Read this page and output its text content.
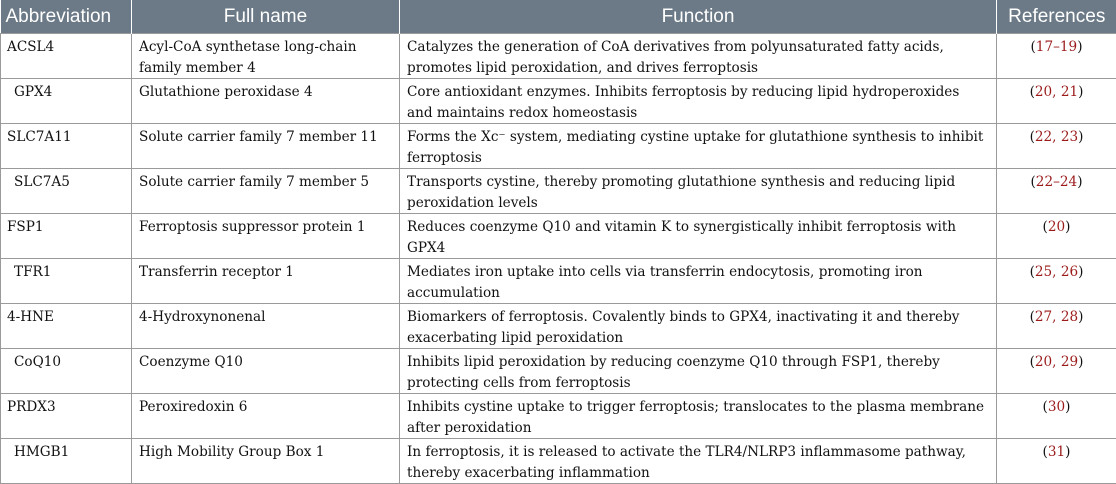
Abbreviation	Full name	Function	References
ACSL4	Acyl-CoA synthetase long-chain family member 4	Catalyzes the generation of CoA derivatives from polyunsaturated fatty acids, promotes lipid peroxidation, and drives ferroptosis	(17–19)
GPX4	Glutathione peroxidase 4	Core antioxidant enzymes. Inhibits ferroptosis by reducing lipid hydroperoxides and maintains redox homeostasis	(20, 21)
SLC7A11	Solute carrier family 7 member 11	Forms the Xc⁻ system, mediating cystine uptake for glutathione synthesis to inhibit ferroptosis	(22, 23)
SLC7A5	Solute carrier family 7 member 5	Transports cystine, thereby promoting glutathione synthesis and reducing lipid peroxidation levels	(22–24)
FSP1	Ferroptosis suppressor protein 1	Reduces coenzyme Q10 and vitamin K to synergistically inhibit ferroptosis with GPX4	(20)
TFR1	Transferrin receptor 1	Mediates iron uptake into cells via transferrin endocytosis, promoting iron accumulation	(25, 26)
4-HNE	4-Hydroxynonenal	Biomarkers of ferroptosis. Covalently binds to GPX4, inactivating it and thereby exacerbating lipid peroxidation	(27, 28)
CoQ10	Coenzyme Q10	Inhibits lipid peroxidation by reducing coenzyme Q10 through FSP1, thereby protecting cells from ferroptosis	(20, 29)
PRDX3	Peroxiredoxin 6	Inhibits cystine uptake to trigger ferroptosis; translocates to the plasma membrane after peroxidation	(30)
HMGB1	High Mobility Group Box 1	In ferroptosis, it is released to activate the TLR4/NLRP3 inflammasome pathway, thereby exacerbating inflammation	(31)
